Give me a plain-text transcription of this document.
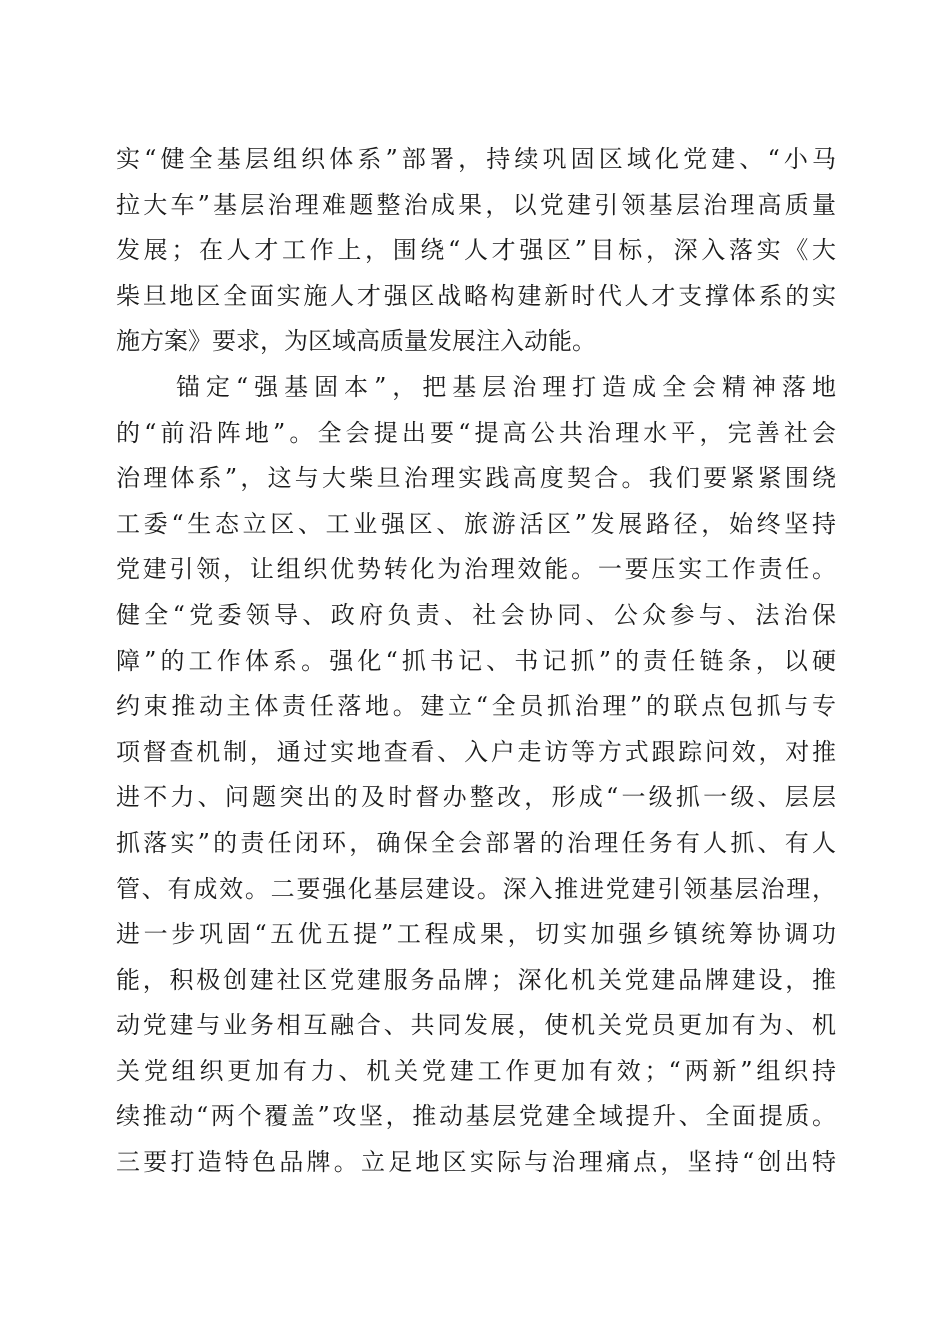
实“健全基层组织体系”部署，持续巩固区域化党建、“小马
拉大车”基层治理难题整治成果，以党建引领基层治理高质量
发展；在人才工作上，围绕“人才强区”目标，深入落实《大
柴旦地区全面实施人才强区战略构建新时代人才支撑体系的实
施方案》要求，为区域高质量发展注入动能。
　　锚定“强基固本”，把基层治理打造成全会精神落地
的“前沿阵地”。全会提出要“提高公共治理水平，完善社会
治理体系”，这与大柴旦治理实践高度契合。我们要紧紧围绕
工委“生态立区、工业强区、旅游活区”发展路径，始终坚持
党建引领，让组织优势转化为治理效能。一要压实工作责任。
健全“党委领导、政府负责、社会协同、公众参与、法治保
障”的工作体系。强化“抓书记、书记抓”的责任链条，以硬
约束推动主体责任落地。建立“全员抓治理”的联点包抓与专
项督查机制，通过实地查看、入户走访等方式跟踪问效，对推
进不力、问题突出的及时督办整改，形成“一级抓一级、层层
抓落实”的责任闭环，确保全会部署的治理任务有人抓、有人
管、有成效。二要强化基层建设。深入推进党建引领基层治理，
进一步巩固“五优五提”工程成果，切实加强乡镇统筹协调功
能，积极创建社区党建服务品牌；深化机关党建品牌建设，推
动党建与业务相互融合、共同发展，使机关党员更加有为、机
关党组织更加有力、机关党建工作更加有效；“两新”组织持
续推动“两个覆盖”攻坚，推动基层党建全域提升、全面提质。
三要打造特色品牌。立足地区实际与治理痛点，坚持“创出特
